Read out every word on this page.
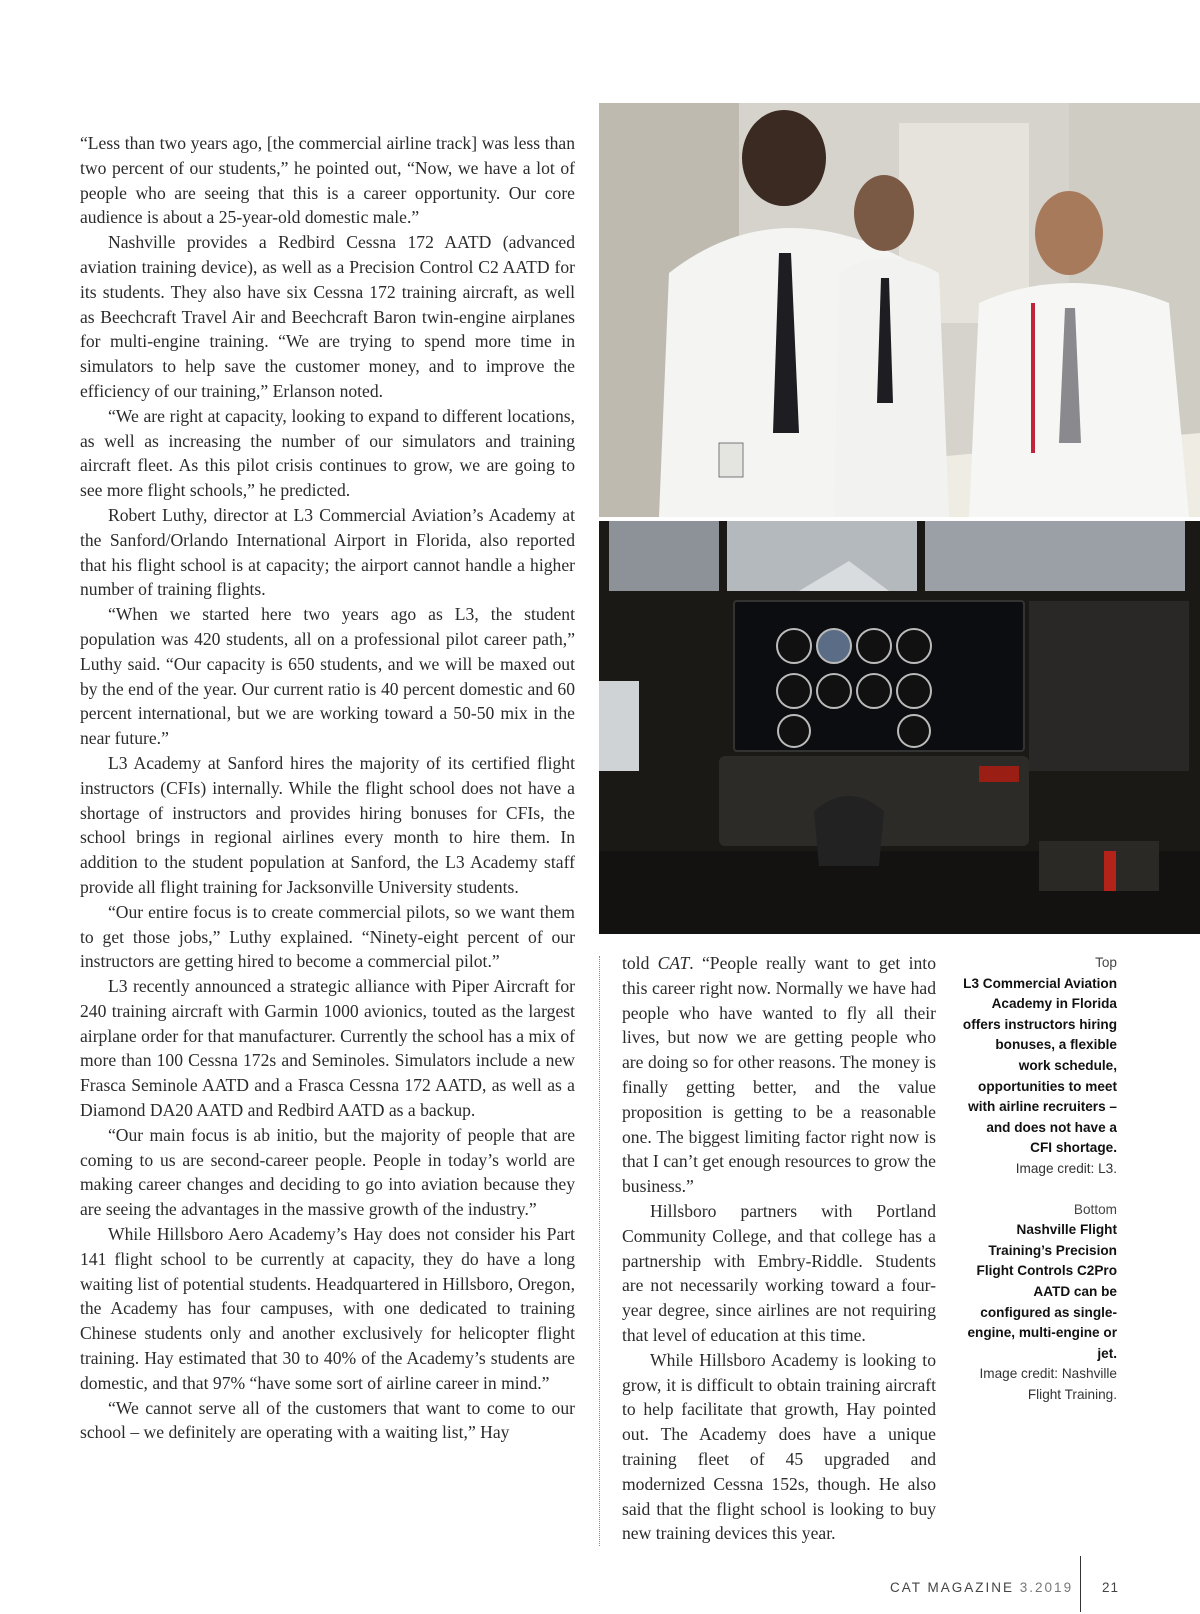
“Less than two years ago, [the commercial airline track] was less than two percent of our students,” he pointed out, “Now, we have a lot of people who are seeing that this is a career opportunity. Our core audience is about a 25-year-old domestic male.”

Nashville provides a Redbird Cessna 172 AATD (advanced aviation training device), as well as a Precision Control C2 AATD for its students. They also have six Cessna 172 training aircraft, as well as Beechcraft Travel Air and Beechcraft Baron twin-engine airplanes for multi-engine training. “We are trying to spend more time in simulators to help save the customer money, and to improve the efficiency of our training,” Erlanson noted.

“We are right at capacity, looking to expand to different locations, as well as increasing the number of our simulators and training aircraft fleet. As this pilot crisis continues to grow, we are going to see more flight schools,” he predicted.

Robert Luthy, director at L3 Commercial Aviation’s Academy at the Sanford/Orlando International Airport in Florida, also reported that his flight school is at capacity; the airport cannot handle a higher number of training flights.

“When we started here two years ago as L3, the student population was 420 students, all on a professional pilot career path,” Luthy said. “Our capacity is 650 students, and we will be maxed out by the end of the year. Our current ratio is 40 percent domestic and 60 percent international, but we are working toward a 50-50 mix in the near future.”

L3 Academy at Sanford hires the majority of its certified flight instructors (CFIs) internally. While the flight school does not have a shortage of instructors and provides hiring bonuses for CFIs, the school brings in regional airlines every month to hire them. In addition to the student population at Sanford, the L3 Academy staff provide all flight training for Jacksonville University students.

“Our entire focus is to create commercial pilots, so we want them to get those jobs,” Luthy explained. “Ninety-eight percent of our instructors are getting hired to become a commercial pilot.”

L3 recently announced a strategic alliance with Piper Aircraft for 240 training aircraft with Garmin 1000 avionics, touted as the largest airplane order for that manufacturer. Currently the school has a mix of more than 100 Cessna 172s and Seminoles. Simulators include a new Frasca Seminole AATD and a Frasca Cessna 172 AATD, as well as a Diamond DA20 AATD and Redbird AATD as a backup.

“Our main focus is ab initio, but the majority of people that are coming to us are second-career people. People in today’s world are making career changes and deciding to go into aviation because they are seeing the advantages in the massive growth of the industry.”

While Hillsboro Aero Academy’s Hay does not consider his Part 141 flight school to be currently at capacity, they do have a long waiting list of potential students. Headquartered in Hillsboro, Oregon, the Academy has four campuses, with one dedicated to training Chinese students only and another exclusively for helicopter flight training. Hay estimated that 30 to 40% of the Academy’s students are domestic, and that 97% “have some sort of airline career in mind.”

“We cannot serve all of the customers that want to come to our school – we definitely are operating with a waiting list,” Hay

told CAT. “People really want to get into this career right now. Normally we have had people who have wanted to fly all their lives, but now we are getting people who are doing so for other reasons. The money is finally getting better, and the value proposition is getting to be a reasonable one. The biggest limiting factor right now is that I can’t get enough resources to grow the business.”

Hillsboro partners with Portland Community College, and that college has a partnership with Embry-Riddle. Students are not necessarily working toward a four-year degree, since airlines are not requiring that level of education at this time.

While Hillsboro Academy is looking to grow, it is difficult to obtain training aircraft to help facilitate that growth, Hay pointed out. The Academy does have a unique training fleet of 45 upgraded and modernized Cessna 152s, though. He also said that the flight school is looking to buy new training devices this year.

Top
L3 Commercial Aviation Academy in Florida offers instructors hiring bonuses, a flexible work schedule, opportunities to meet with airline recruiters – and does not have a CFI shortage.
Image credit: L3.
Bottom
Nashville Flight Training’s Precision Flight Controls C2Pro AATD can be configured as single-engine, multi-engine or jet.
Image credit: Nashville Flight Training.
CAT MAGAZINE 3.2019 21
